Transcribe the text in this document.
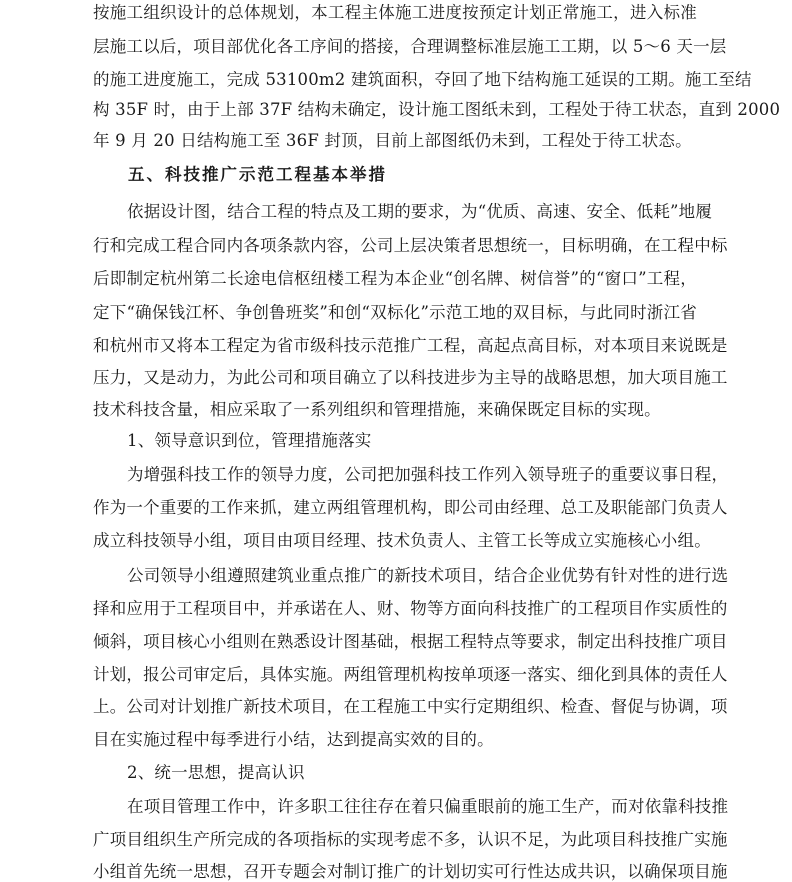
按施工组织设计的总体规划，本工程主体施工进度按预定计划正常施工，进入标准
层施工以后，项目部优化各工序间的搭接，合理调整标准层施工工期，以 5～6 天一层
的施工进度施工，完成 53100m2 建筑面积，夺回了地下结构施工延误的工期。施工至结
构 35F 时，由于上部 37F 结构未确定，设计施工图纸未到，工程处于待工状态，直到 2000
年 9 月 20 日结构施工至 36F 封顶，目前上部图纸仍未到，工程处于待工状态。
五、科技推广示范工程基本举措
依据设计图，结合工程的特点及工期的要求，为“优质、高速、安全、低耗”地履
行和完成工程合同内各项条款内容，公司上层决策者思想统一，目标明确，在工程中标
后即制定杭州第二长途电信枢纽楼工程为本企业“创名牌、树信誉”的“窗口”工程，
定下“确保钱江杯、争创鲁班奖”和创“双标化”示范工地的双目标，与此同时浙江省
和杭州市又将本工程定为省市级科技示范推广工程，高起点高目标，对本项目来说既是
压力，又是动力，为此公司和项目确立了以科技进步为主导的战略思想，加大项目施工
技术科技含量，相应采取了一系列组织和管理措施，来确保既定目标的实现。
1、领导意识到位，管理措施落实
为增强科技工作的领导力度，公司把加强科技工作列入领导班子的重要议事日程，
作为一个重要的工作来抓，建立两组管理机构，即公司由经理、总工及职能部门负责人
成立科技领导小组，项目由项目经理、技术负责人、主管工长等成立实施核心小组。
公司领导小组遵照建筑业重点推广的新技术项目，结合企业优势有针对性的进行选
择和应用于工程项目中，并承诺在人、财、物等方面向科技推广的工程项目作实质性的
倾斜，项目核心小组则在熟悉设计图基础，根据工程特点等要求，制定出科技推广项目
计划，报公司审定后，具体实施。两组管理机构按单项逐一落实、细化到具体的责任人
上。公司对计划推广新技术项目，在工程施工中实行定期组织、检查、督促与协调，项
目在实施过程中每季进行小结，达到提高实效的目的。
2、统一思想，提高认识
在项目管理工作中，许多职工往往存在着只偏重眼前的施工生产，而对依靠科技推
广项目组织生产所完成的各项指标的实现考虑不多，认识不足，为此项目科技推广实施
小组首先统一思想，召开专题会对制订推广的计划切实可行性达成共识，以确保项目施
